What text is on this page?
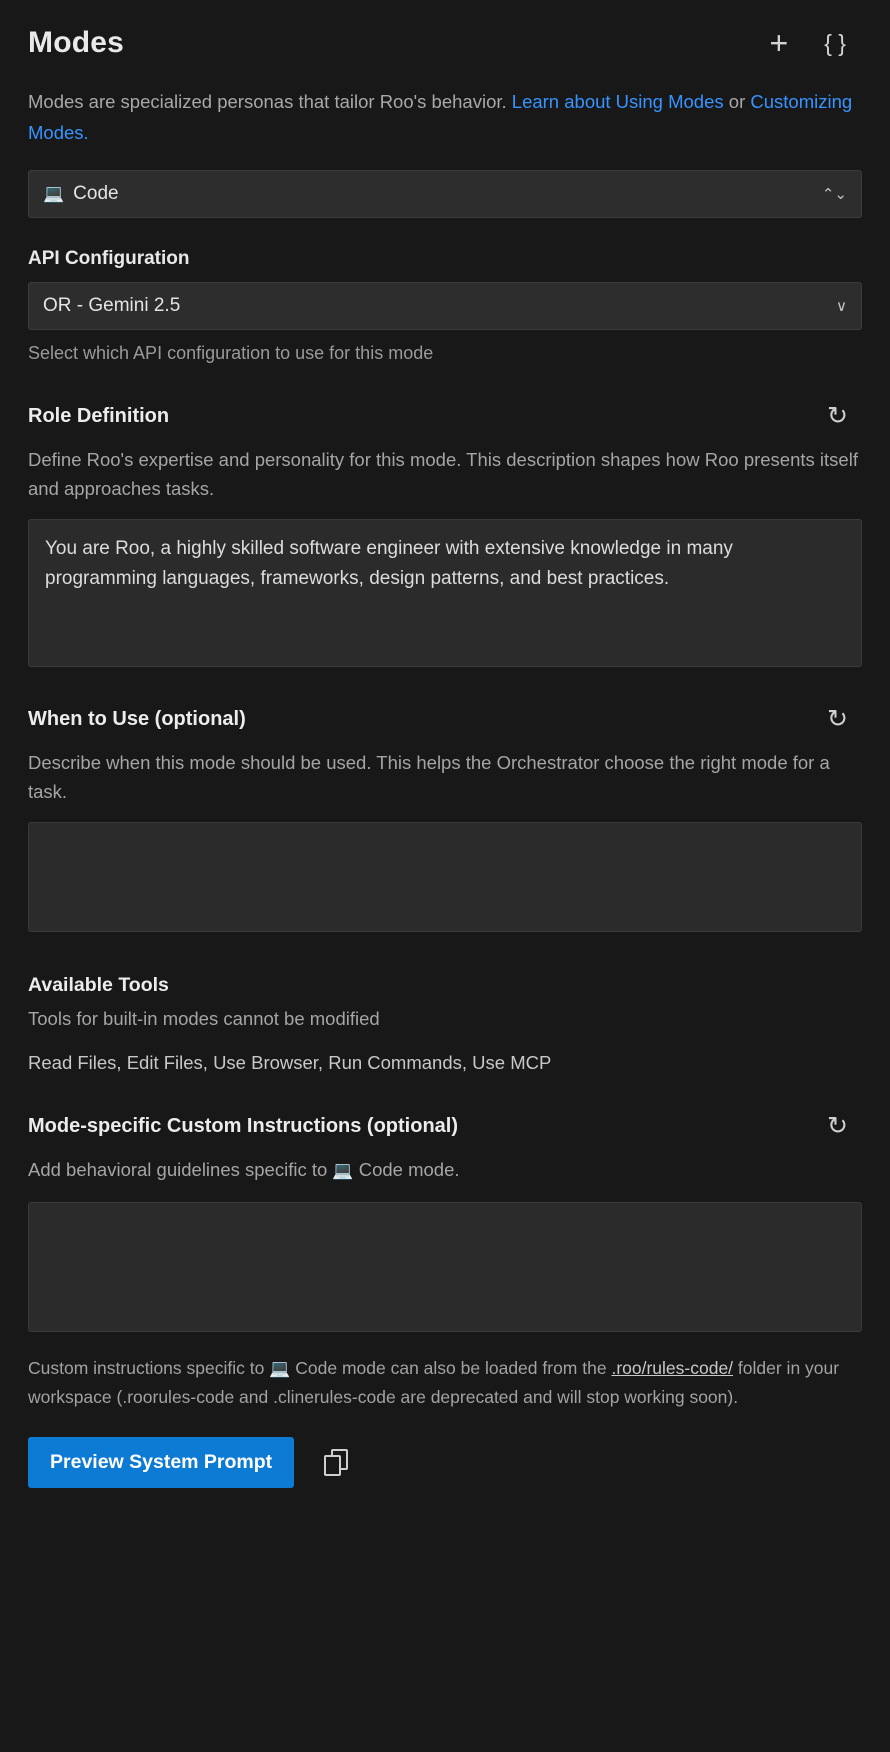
Modes	+ { }
Modes are specialized personas that tailor Roo's behavior. Learn about Using Modes or Customizing Modes.
💻 Code	⌃⌄
API Configuration
OR - Gemini 2.5	∨
Select which API configuration to use for this mode
Role Definition	↺
Define Roo's expertise and personality for this mode. This description shapes how Roo presents itself and approaches tasks.
You are Roo, a highly skilled software engineer with extensive knowledge in many programming languages, frameworks, design patterns, and best practices.
When to Use (optional)	↺
Describe when this mode should be used. This helps the Orchestrator choose the right mode for a task.
Available Tools
Tools for built-in modes cannot be modified
Read Files, Edit Files, Use Browser, Run Commands, Use MCP
Mode-specific Custom Instructions (optional)	↺
Add behavioral guidelines specific to 💻 Code mode.
Custom instructions specific to 💻 Code mode can also be loaded from the .roo/rules-code/ folder in your workspace (.roorules-code and .clinerules-code are deprecated and will stop working soon).
Preview System Prompt
